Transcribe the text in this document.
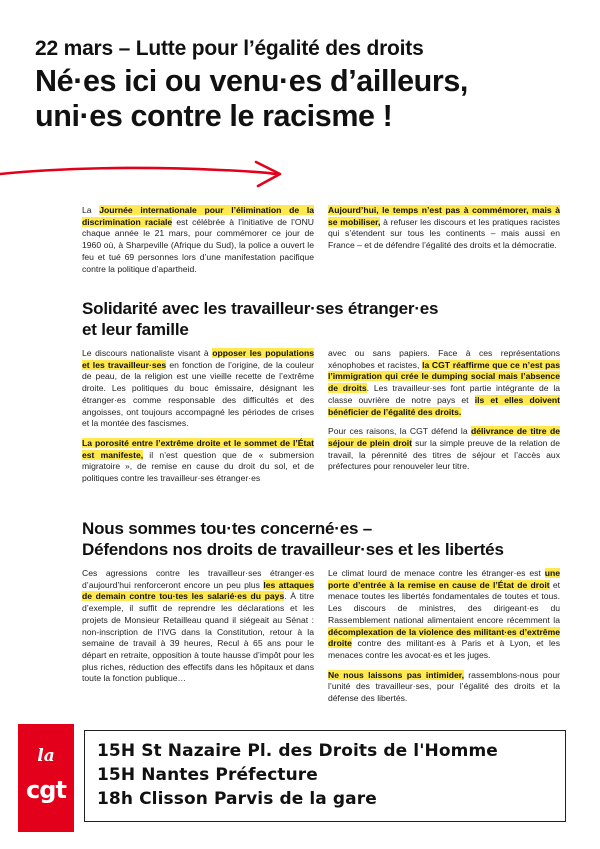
22 mars – Lutte pour l’égalité des droits
Né·es ici ou venu·es d’ailleurs,
uni·es contre le racisme !

La Journée internationale pour l’élimination de la discrimination raciale est célébrée à l’initiative de l’ONU chaque année le 21 mars, pour commémorer ce jour de 1960 où, à Sharpeville (Afrique du Sud), la police a ouvert le feu et tué 69 personnes lors d’une manifestation pacifique contre la politique d’apartheid.

Aujourd’hui, le temps n’est pas à commémorer, mais à se mobiliser, à refuser les discours et les pratiques racistes qui s’étendent sur tous les continents – mais aussi en France – et de défendre l’égalité des droits et la démocratie.

Solidarité avec les travailleur·ses étranger·es
et leur famille

Le discours nationaliste visant à opposer les populations et les travailleur·ses en fonction de l’origine, de la couleur de peau, de la religion est une vieille recette de l’extrême droite. Les politiques du bouc émissaire, désignant les étranger·es comme responsable des difficultés et des angoisses, ont toujours accompagné les périodes de crises et la montée des fascismes.

La porosité entre l’extrême droite et le sommet de l’État est manifeste, il n’est question que de « submersion migratoire », de remise en cause du droit du sol, et de politiques contre les travailleur·ses étranger·es

avec ou sans papiers. Face à ces représentations xénophobes et racistes, la CGT réaffirme que ce n’est pas l’immigration qui crée le dumping social mais l’absence de droits. Les travailleur·ses font partie intégrante de la classe ouvrière de notre pays et ils et elles doivent bénéficier de l’égalité des droits.

Pour ces raisons, la CGT défend la délivrance de titre de séjour de plein droit sur la simple preuve de la relation de travail, la pérennité des titres de séjour et l’accès aux préfectures pour renouveler leur titre.

Nous sommes tou·tes concerné·es –
Défendons nos droits de travailleur·ses et les libertés

Ces agressions contre les travailleur·ses étranger·es d’aujourd’hui renforceront encore un peu plus les attaques de demain contre tou·tes les salarié·es du pays. À titre d’exemple, il suffit de reprendre les déclarations et les projets de Monsieur Retailleau quand il siégeait au Sénat : non-inscription de l’IVG dans la Constitution, retour à la semaine de travail à 39 heures, Recul à 65 ans pour le départ en retraite, opposition à toute hausse d’impôt pour les plus riches, réduction des effectifs dans les hôpitaux et dans toute la fonction publique…

Le climat lourd de menace contre les étranger·es est une porte d’entrée à la remise en cause de l’État de droit et menace toutes les libertés fondamentales de toutes et tous. Les discours de ministres, des dirigeant·es du Rassemblement national alimentaient encore récemment la décomplexation de la violence des militant·es d’extrême droite contre des militant·es à Paris et à Lyon, et les menaces contre les avocat·es et les juges.

Ne nous laissons pas intimider, rassemblons-nous pour l’unité des travailleur·ses, pour l’égalité des droits et la défense des libertés.

la
cgt
15H St Nazaire Pl. des Droits de l'Homme
15H Nantes Préfecture
18h Clisson Parvis de la gare
